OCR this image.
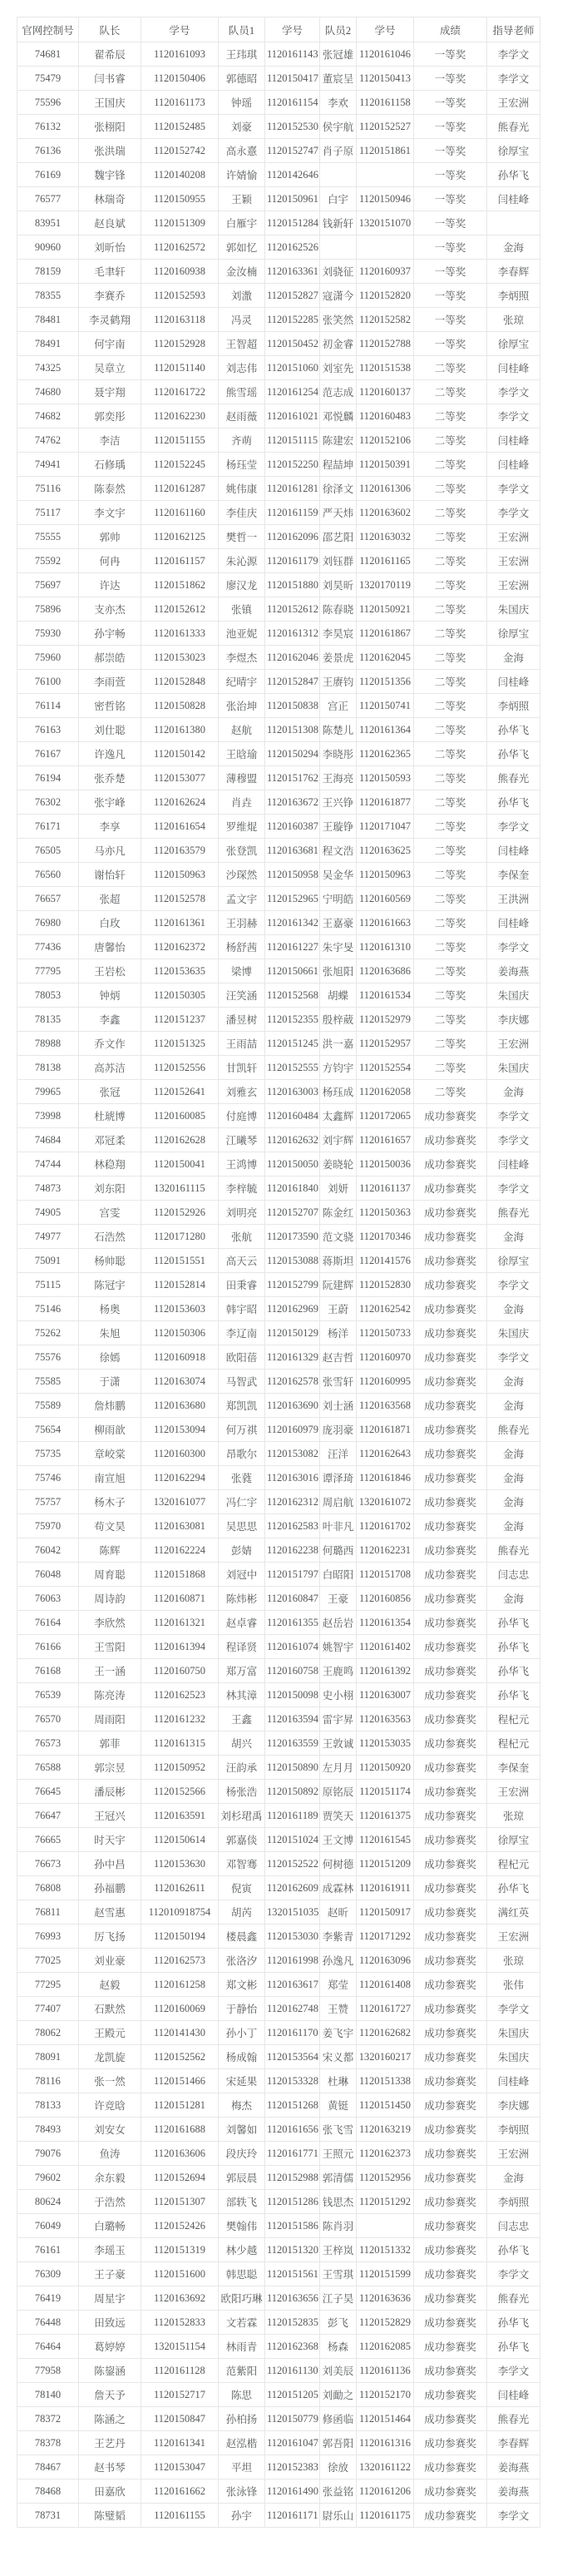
官网控制号	队长	学号	队员1	学号	队员2	学号	成绩	指导老师
74681	翟希辰	1120161093	王玮琪	1120161143	张冠雄	1120161046	一等奖	李学文
75479	闫书睿	1120150406	郭德昭	1120150417	董宸呈	1120150413	一等奖	李学文
75596	王国庆	1120161173	钟瑶	1120161154	李欢	1120161158	一等奖	王宏洲
76132	张栩阳	1120152485	刘豪	1120152530	侯宇航	1120152527	一等奖	熊春光
76136	张洪瑞	1120152742	高永憙	1120152747	肖子原	1120151861	一等奖	徐厚宝
76169	魏宇锋	1120140208	许婧愉	1120142646			一等奖	孙华飞
76577	林瑞奇	1120150955	王颖	1120150961	白宇	1120150946	一等奖	闫桂峰
83951	赵良斌	1120151309	白雁宇	1120151284	钱新轩	1320151070	一等奖	
90960	刘昕怡	1120162572	郭如忆	1120162526			一等奖	金海
78159	毛聿轩	1120160938	金汝楠	1120163361	刘骁征	1120160937	一等奖	李春辉
78355	李赛乔	1120152593	刘潵	1120152827	寇潇今	1120152820	一等奖	李炳照
78481	李灵鹤翔	1120163118	冯灵	1120152285	张笑然	1120152582	一等奖	张琼
78491	何宇南	1120152928	王智超	1120150452	初金睿	1120152788	一等奖	徐厚宝
74325	吴章立	1120151140	刘志伟	1120151060	刘室先	1120151538	二等奖	闫桂峰
74680	聂宇翔	1120161722	熊雪瑶	1120161254	范志成	1120160137	二等奖	李学文
74682	郭奕彤	1120162230	赵雨薇	1120161021	邓悦麟	1120160483	二等奖	李学文
74762	李洁	1120151155	齐萌	1120151115	陈建宏	1120152106	二等奖	闫桂峰
74941	石修瑀	1120152245	杨珏莹	1120152250	程喆坤	1120150391	二等奖	闫桂峰
75116	陈泰然	1120161287	姚伟康	1120161281	徐泽文	1120161306	二等奖	李学文
75117	李文宇	1120161160	李佳庆	1120161159	严天炜	1120163602	二等奖	李学文
75555	郭帅	1120162125	樊哲一	1120162096	邵艺阳	1120163032	二等奖	王宏洲
75592	何冉	1120161157	朱沁源	1120161179	刘钰群	1120161165	二等奖	王宏洲
75697	许达	1120151862	廖汉龙	1120151880	刘昊昕	1320170119	二等奖	王宏洲
75896	支亦杰	1120152612	张镇	1120152612	陈春晓	1120150921	二等奖	朱国庆
75930	孙宇畅	1120161333	池亚妮	1120161312	李昊宸	1120161867	二等奖	徐厚宝
75960	郝崇皓	1120153023	李煜杰	1120162046	姜景虎	1120162045	二等奖	金海
76100	李雨萱	1120152848	纪晴宇	1120152847	王赓钧	1120151356	二等奖	闫桂峰
76114	密哲铭	1120150828	张治坤	1120150838	宫正	1120150741	二等奖	李炳照
76163	刘仕聪	1120161380	赵航	1120151308	陈楚儿	1120161364	二等奖	孙华飞
76167	许逸凡	1120150142	王晗瑜	1120150294	李晓彤	1120162365	二等奖	孙华飞
76194	张乔楚	1120153077	薄穆盟	1120151762	王海亮	1120150593	二等奖	熊春光
76302	张宇峰	1120162624	肖垚	1120163672	王兴铮	1120161877	二等奖	孙华飞
76171	李享	1120161654	罗维焜	1120160387	王璇铮	1120171047	二等奖	李学文
76505	马亦凡	1120163579	张登凯	1120163681	程文浩	1120163625	二等奖	闫桂峰
76560	谢怡轩	1120150963	沙琛然	1120150958	吴金华	1120150963	二等奖	李保奎
76657	张超	1120152578	孟文宇	1120152965	宁明皓	1120160569	二等奖	王洪洲
76980	白玫	1120161361	王羽赫	1120161342	王嘉豪	1120161663	二等奖	闫桂峰
77436	唐馨怡	1120162372	杨舒茜	1120161227	朱宇旻	1120161310	二等奖	李学文
77795	王岩松	1120153635	梁博	1120150661	张旭阳	1120163686	二等奖	姜海燕
78053	钟炳	1120150305	汪笑涵	1120152568	胡蝶	1120161534	二等奖	朱国庆
78135	李鑫	1120151237	潘昱树	1120152355	殷梓葳	1120152979	二等奖	李庆娜
78988	乔文作	1120151325	王雨喆	1120151245	洪一嘉	1120152957	二等奖	王宏洲
78138	高苏洁	1120152556	甘凯轩	1120152555	方钧宇	1120152554	二等奖	朱国庆
79965	张冠	1120152641	刘雅玄	1120163003	杨珏成	1120162058	二等奖	金海
73998	杜琥博	1120160085	付庭博	1120160484	太鑫辉	1120172065	成功参赛奖	李学文
74684	邓冠柔	1120162628	江曦琴	1120162632	刘宇辉	1120161657	成功参赛奖	李学文
74744	林稳翔	1120150041	王鸿博	1120150050	姜晓轮	1120150036	成功参赛奖	闫桂峰
74873	刘东阳	1320161115	李梓毓	1120161840	刘妍	1120161137	成功参赛奖	李学文
74905	宫雯	1120152926	刘明亮	1120152707	陈金红	1120150363	成功参赛奖	熊春光
74977	石浩然	1120171280	张航	1120173590	范文骁	1120170346	成功参赛奖	金海
75091	杨帅聪	1120151551	高天云	1120153088	蒋斯坦	1120141576	成功参赛奖	徐厚宝
75115	陈冠宇	1120152814	田秉睿	1120152799	阮建辉	1120152830	成功参赛奖	李学文
75146	杨奥	1120153603	韩宇昭	1120162969	王蔚	1120162542	成功参赛奖	金海
75262	朱旭	1120150306	李辽南	1120150129	杨洋	1120150733	成功参赛奖	朱国庆
75576	徐嫣	1120160918	欧阳蓓	1120161329	赵吉哲	1120160970	成功参赛奖	李学文
75585	于潇	1120163074	马智武	1120162578	张雪轩	1120160995	成功参赛奖	金海
75589	詹炜鹏	1120163680	郑凯凯	1120163690	刘士涵	1120163568	成功参赛奖	金海
75654	柳雨歆	1120153094	何万祺	1120160979	庞羽豪	1120161871	成功参赛奖	熊春光
75735	章峧棠	1120160300	昂歌尔	1120153082	汪洋	1120162643	成功参赛奖	金海
75746	南宣旭	1120162294	张蕤	1120163016	谭泽琦	1120161846	成功参赛奖	金海
75757	杨木子	1320161077	冯仁宇	1120162312	周启航	1320161072	成功参赛奖	金海
75970	苟文昊	1120163081	吴思思	1120162583	叶非凡	1120161702	成功参赛奖	金海
76042	陈辉	1120162224	彭婧	1120162238	何璐西	1120162231	成功参赛奖	熊春光
76048	周育聪	1120151868	刘冠中	1120151797	白昭阳	1120151708	成功参赛奖	闫志忠
76063	周诗韵	1120160871	陈炜彬	1120160847	王豪	1120160856	成功参赛奖	金海
76164	李欣然	1120161321	赵卓睿	1120161355	赵岳岩	1120161354	成功参赛奖	孙华飞
76166	王雪阳	1120161394	程译贤	1120161074	姚智宇	1120161402	成功参赛奖	孙华飞
76168	王一涵	1120160750	郑万富	1120160758	王鹿鸣	1120161392	成功参赛奖	孙华飞
76539	陈亮涛	1120162523	林其漳	1120150098	史小栩	1120163007	成功参赛奖	孙华飞
76570	周雨阳	1120161232	王鑫	1120163594	雷宇昇	1120163563	成功参赛奖	程杞元
76573	郭菲	1120161315	胡兴	1120163559	王敦诚	1120153035	成功参赛奖	程杞元
76588	郭宗昱	1120150952	汪韵承	1120150890	左月月	1120150920	成功参赛奖	李保奎
76645	潘辰彬	1120152566	杨张浩	1120150892	原铭辰	1120151174	成功参赛奖	王宏洲
76647	王冠兴	1120163591	刘杉珺禹	1120161189	贾笑天	1120161375	成功参赛奖	张琼
76665	时天宇	1120150614	郭嘉倓	1120151024	王文博	1120161545	成功参赛奖	徐厚宝
76673	孙中昌	1120153630	邓智骞	1120152522	何树德	1120151209	成功参赛奖	程杞元
76808	孙福鹏	1120162611	倪寅	1120162609	成霖林	1120161911	成功参赛奖	孙华飞
76811	赵雪惠	112010918754	胡芮	1320151035	赵昕	1120150917	成功参赛奖	满红英
76993	厉飞扬	1120150194	楼晨鑫	1120153030	李紫青	1120171292	成功参赛奖	王宏洲
77025	刘业豪	1120162573	张洛汐	1120161998	孙逸凡	1120163096	成功参赛奖	张琼
77295	赵毅	1120161258	郑文彬	1120163617	郑莹	1120161408	成功参赛奖	张伟
77407	石默然	1120160069	于静怡	1120162748	王赞	1120161727	成功参赛奖	李学文
78062	王殿元	1120141430	孙小丁	1120161170	姜飞宇	1120162682	成功参赛奖	朱国庆
78091	龙凯旋	1120152562	杨成翰	1120153564	宋义都	1320160217	成功参赛奖	朱国庆
78116	张一然	1120151466	宋延果	1120153328	杜琳	1120151338	成功参赛奖	闫桂峰
78133	许竞晗	1120151281	梅杰	1120151268	黄铤	1120151450	成功参赛奖	李庆娜
78493	刘安女	1120161688	刘馨如	1120161656	张飞雪	1120163219	成功参赛奖	李炳照
79076	鱼涛	1120163606	段庆玲	1120161771	王照元	1120162373	成功参赛奖	王宏洲
79602	余东毅	1120152694	郭辰晨	1120152988	郭清儒	1120152956	成功参赛奖	金海
80624	于浩然	1120151307	部轶飞	1120151286	钱思杰	1120151292	成功参赛奖	李炳照
76049	白璐畅	1120152426	樊翰伟	1120151586	陈肖羽		成功参赛奖	闫志忠
76161	李瑶玉	1120151319	林少越	1120151320	王梓岚	1120151332	成功参赛奖	孙华飞
76309	王子豪	1120151600	韩思聪	1120151561	王雪琪	1120151599	成功参赛奖	李学文
76419	周星宇	1120163692	欧阳巧琳	1120163656	江子昊	1120163636	成功参赛奖	熊春光
76448	田致远	1120152833	文若霖	1120152835	彭飞	1120152829	成功参赛奖	孙华飞
76464	葛婷婷	1320151154	林雨青	1120162368	杨森	1120162085	成功参赛奖	孙华飞
77958	陈鋆涵	1120161128	范紫阳	1120161130	刘美辰	1120161136	成功参赛奖	李学文
78140	詹天予	1120152717	陈思	1120151205	刘勔之	1120152170	成功参赛奖	闫桂峰
78372	陈涵之	1120150847	孙柏扬	1120150779	修函临	1120151464	成功参赛奖	熊春光
78378	王艺丹	1120161341	赵泓楷	1120161047	郭吾阳	1120161316	成功参赛奖	李春辉
78467	赵书琴	1120153047	平坦	1120152383	徐放	1320161122	成功参赛奖	姜海燕
78468	田嘉欣	1120161662	张泳锋	1120161490	张益铭	1120161206	成功参赛奖	姜海燕
78731	陈璧韬	1120161155	孙宇	1120161171	尉乐山	1120161175	成功参赛奖	李学文
